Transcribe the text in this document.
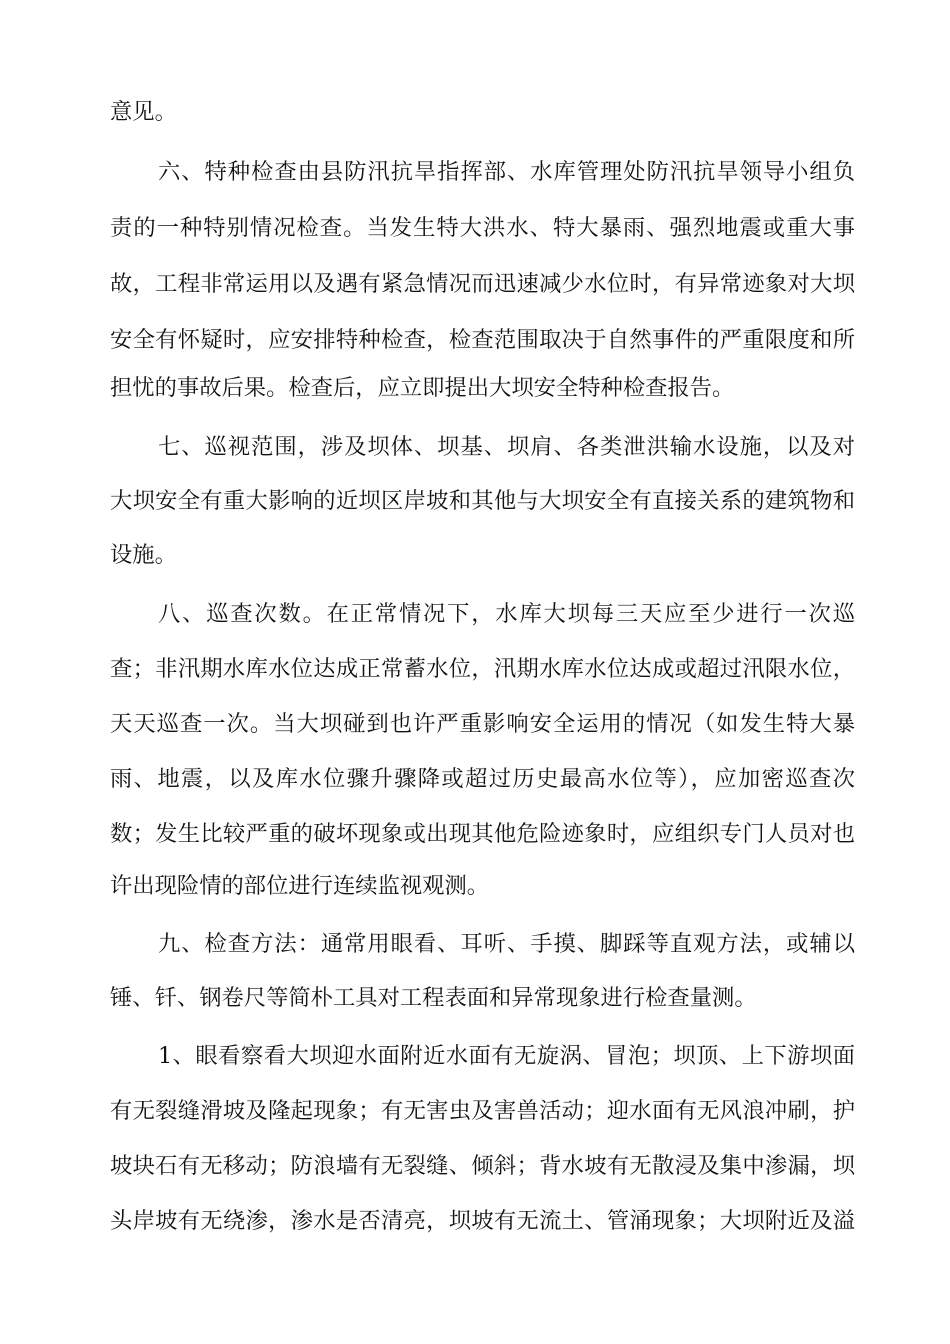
意见。
六、特种检查由县防汛抗旱指挥部、水库管理处防汛抗旱领导小组负
责的一种特别情况检查。当发生特大洪水、特大暴雨、强烈地震或重大事
故，工程非常运用以及遇有紧急情况而迅速减少水位时，有异常迹象对大坝
安全有怀疑时，应安排特种检查，检查范围取决于自然事件的严重限度和所
担忧的事故后果。检查后，应立即提出大坝安全特种检查报告。
七、巡视范围，涉及坝体、坝基、坝肩、各类泄洪输水设施，以及对
大坝安全有重大影响的近坝区岸坡和其他与大坝安全有直接关系的建筑物和
设施。
八、巡查次数。在正常情况下，水库大坝每三天应至少进行一次巡
查；非汛期水库水位达成正常蓄水位，汛期水库水位达成或超过汛限水位，
天天巡查一次。当大坝碰到也许严重影响安全运用的情况（如发生特大暴
雨、地震，以及库水位骤升骤降或超过历史最高水位等），应加密巡查次
数；发生比较严重的破坏现象或出现其他危险迹象时，应组织专门人员对也
许出现险情的部位进行连续监视观测。
九、检查方法：通常用眼看、耳听、手摸、脚踩等直观方法，或辅以
锤、钎、钢卷尺等简朴工具对工程表面和异常现象进行检查量测。
1、眼看察看大坝迎水面附近水面有无旋涡、冒泡；坝顶、上下游坝面
有无裂缝滑坡及隆起现象；有无害虫及害兽活动；迎水面有无风浪冲刷，护
坡块石有无移动；防浪墙有无裂缝、倾斜；背水坡有无散浸及集中渗漏，坝
头岸坡有无绕渗，渗水是否清亮，坝坡有无流土、管涌现象；大坝附近及溢
